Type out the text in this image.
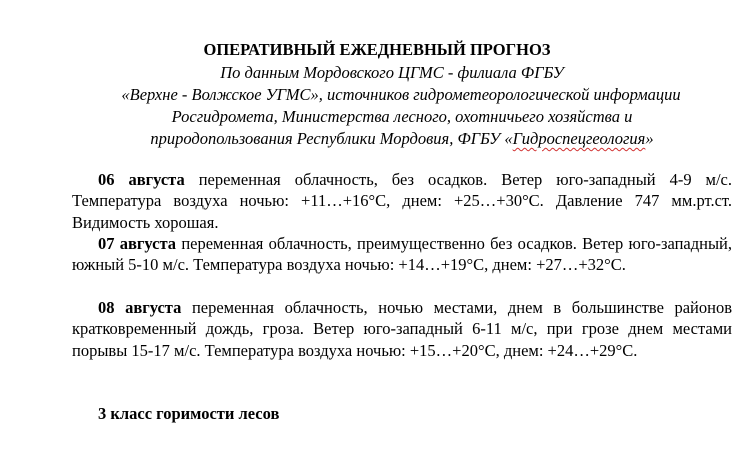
ОПЕРАТИВНЫЙ ЕЖЕДНЕВНЫЙ ПРОГНОЗ

По данным Мордовского ЦГМС - филиала ФГБУ

«Верхне - Волжское УГМС», источников гидрометеорологической информации

Росгидромета, Министерства лесного, охотничьего хозяйства и

природопользования Республики Мордовия, ФГБУ «Гидроспецгеология»

06 августа переменная облачность, без осадков. Ветер юго-западный 4-9 м/с. Температура воздуха ночью: +11…+16°С, днем: +25…+30°С. Давление 747 мм.рт.ст. Видимость хорошая.

07 августа переменная облачность, преимущественно без осадков. Ветер юго-западный, южный 5-10 м/с. Температура воздуха ночью: +14…+19°С, днем: +27…+32°С.

08 августа переменная облачность, ночью местами, днем в большинстве районов кратковременный дождь, гроза. Ветер юго-западный 6-11 м/с, при грозе днем местами порывы 15-17 м/с. Температура воздуха ночью: +15…+20°С, днем: +24…+29°С.

3 класс горимости лесов
